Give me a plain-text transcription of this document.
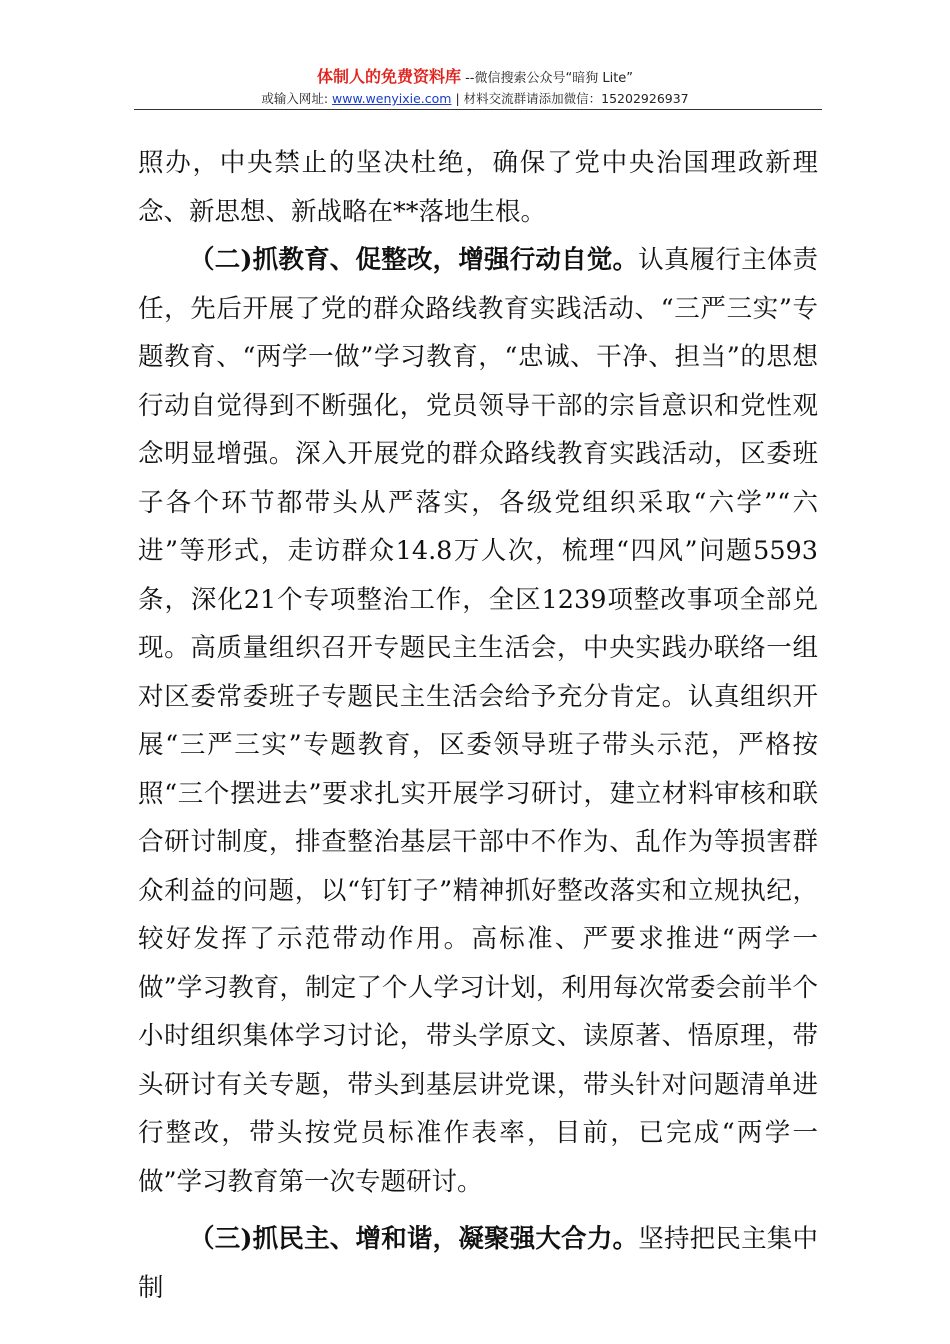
体制人的免费资料库 --微信搜索公众号“暗狗 Lite”
或输入网址: www.wenyixie.com | 材料交流群请添加微信：15202926937

照办，中央禁止的坚决杜绝，确保了党中央治国理政新理念、新思想、新战略在**落地生根。

（二)抓教育、促整改，增强行动自觉。认真履行主体责任，先后开展了党的群众路线教育实践活动、“三严三实”专题教育、“两学一做”学习教育，“忠诚、干净、担当”的思想行动自觉得到不断强化，党员领导干部的宗旨意识和党性观念明显增强。深入开展党的群众路线教育实践活动，区委班子各个环节都带头从严落实，各级党组织采取“六学”“六进”等形式，走访群众14.8万人次，梳理“四风”问题5593条，深化21个专项整治工作，全区1239项整改事项全部兑现。高质量组织召开专题民主生活会，中央实践办联络一组对区委常委班子专题民主生活会给予充分肯定。认真组织开展“三严三实”专题教育，区委领导班子带头示范，严格按照“三个摆进去”要求扎实开展学习研讨，建立材料审核和联合研讨制度，排查整治基层干部中不作为、乱作为等损害群众利益的问题，以“钉钉子”精神抓好整改落实和立规执纪，较好发挥了示范带动作用。高标准、严要求推进“两学一做”学习教育，制定了个人学习计划，利用每次常委会前半个小时组织集体学习讨论，带头学原文、读原著、悟原理，带头研讨有关专题，带头到基层讲党课，带头针对问题清单进行整改，带头按党员标准作表率，目前，已完成“两学一做”学习教育第一次专题研讨。

（三)抓民主、增和谐，凝聚强大合力。坚持把民主集中制
